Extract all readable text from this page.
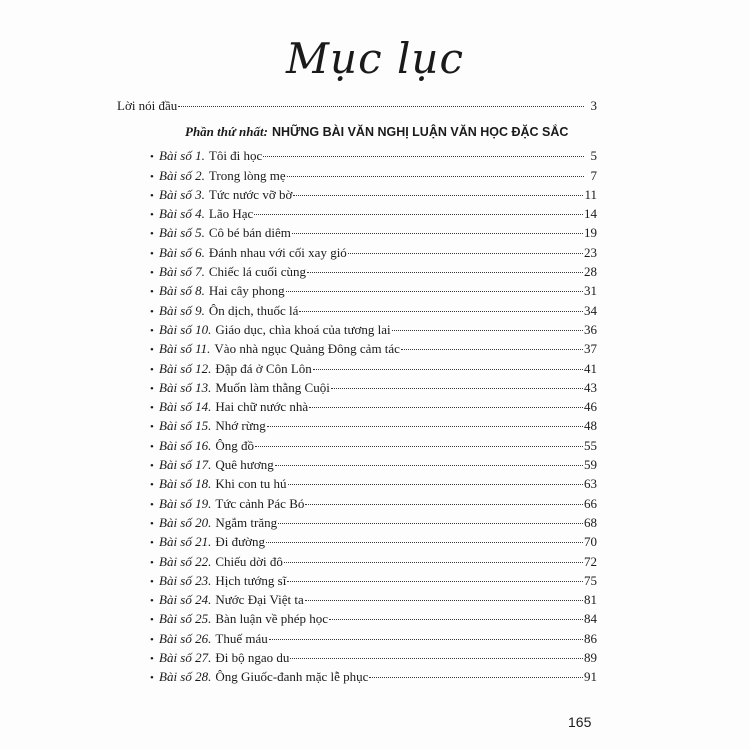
Mục lục
Lời nói đầu	3
Phần thứ nhất: NHỮNG BÀI VĂN NGHỊ LUẬN VĂN HỌC ĐẶC SẮC
• Bài số 1. Tôi đi học	5
• Bài số 2. Trong lòng mẹ	7
• Bài số 3. Tức nước vỡ bờ	11
• Bài số 4. Lão Hạc	14
• Bài số 5. Cô bé bán diêm	19
• Bài số 6. Đánh nhau với cối xay gió	23
• Bài số 7. Chiếc lá cuối cùng	28
• Bài số 8. Hai cây phong	31
• Bài số 9. Ôn dịch, thuốc lá	34
• Bài số 10. Giáo dục, chìa khoá của tương lai	36
• Bài số 11. Vào nhà ngục Quảng Đông cảm tác	37
• Bài số 12. Đập đá ở Côn Lôn	41
• Bài số 13. Muốn làm thằng Cuội	43
• Bài số 14. Hai chữ nước nhà	46
• Bài số 15. Nhớ rừng	48
• Bài số 16. Ông đồ	55
• Bài số 17. Quê hương	59
• Bài số 18. Khi con tu hú	63
• Bài số 19. Tức cảnh Pác Bó	66
• Bài số 20. Ngắm trăng	68
• Bài số 21. Đi đường	70
• Bài số 22. Chiếu dời đô	72
• Bài số 23. Hịch tướng sĩ	75
• Bài số 24. Nước Đại Việt ta	81
• Bài số 25. Bàn luận về phép học	84
• Bài số 26. Thuế máu	86
• Bài số 27. Đi bộ ngao du	89
• Bài số 28. Ông Giuốc-đanh mặc lễ phục	91
165
